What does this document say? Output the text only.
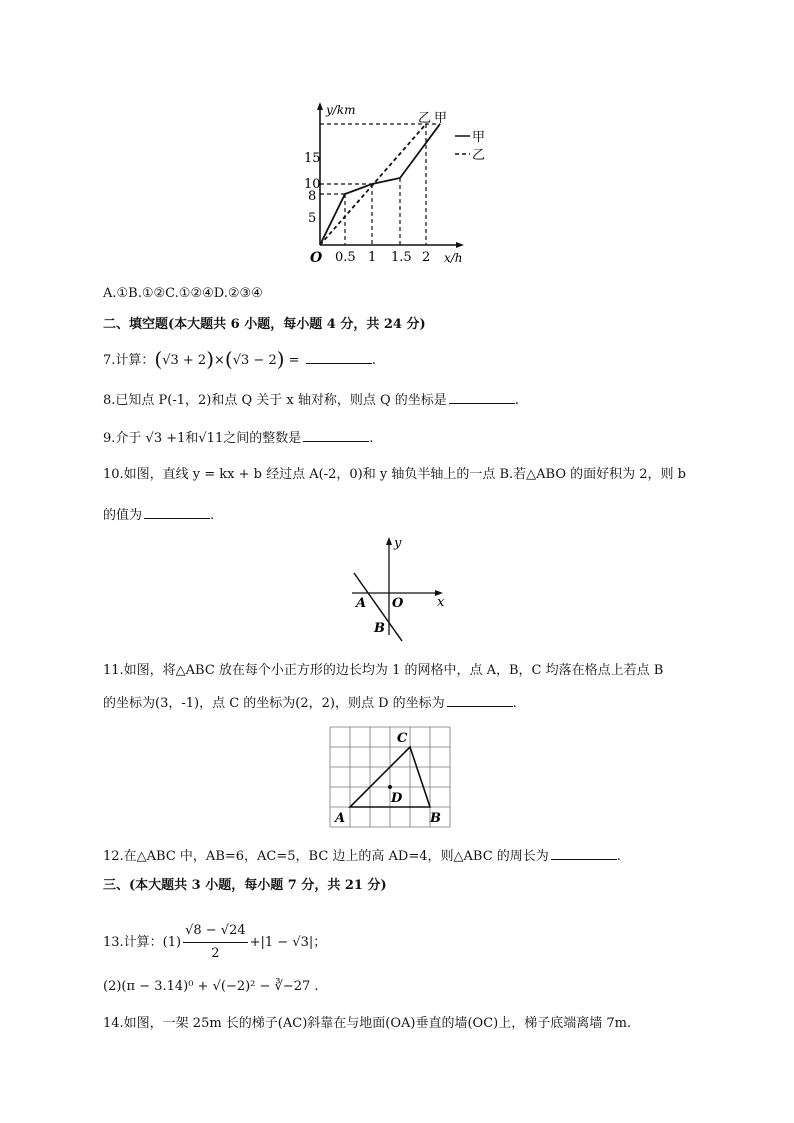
y/km
乙 甲
甲
乙
15
10
8
5
O 0.5 1 1.5 2 x/h
A.①B.①②C.①②④D.②③④
二、填空题(本大题共 6 小题，每小题 4 分，共 24 分)
7.计算：(√3 + 2)×(√3 − 2) =	.
8.已知点 P(-1，2)和点 Q 关于 x 轴对称，则点 Q 的坐标是	.
9.介于 √3 +1和√11之间的整数是	.
10.如图，直线 y = kx + b 经过点 A(-2，0)和 y 轴负半轴上的一点 B.若△ABO 的面好积为 2，则 b
的值为	.
y
x
A O
B
11.如图，将△ABC 放在每个小正方形的边长均为 1 的网格中，点 A，B，C 均落在格点上若点 B
的坐标为(3，-1)，点 C 的坐标为(2，2)，则点 D 的坐标为	.
A	B
C
D
12.在△ABC 中，AB=6，AC=5，BC 边上的高 AD=4，则△ABC 的周长为	.
三、(本大题共 3 小题，每小题 7 分，共 21 分)
13.计算：$(1) \frac{√8 - √24}{2} +|1 - √3|$；
(2)(π − 3.14)⁰ + √(−2)² − ∛−27 .
14.如图，一架 25m 长的梯子(AC)斜靠在与地面(OA)垂直的墙(OC)上，梯子底端离墙 7m.
